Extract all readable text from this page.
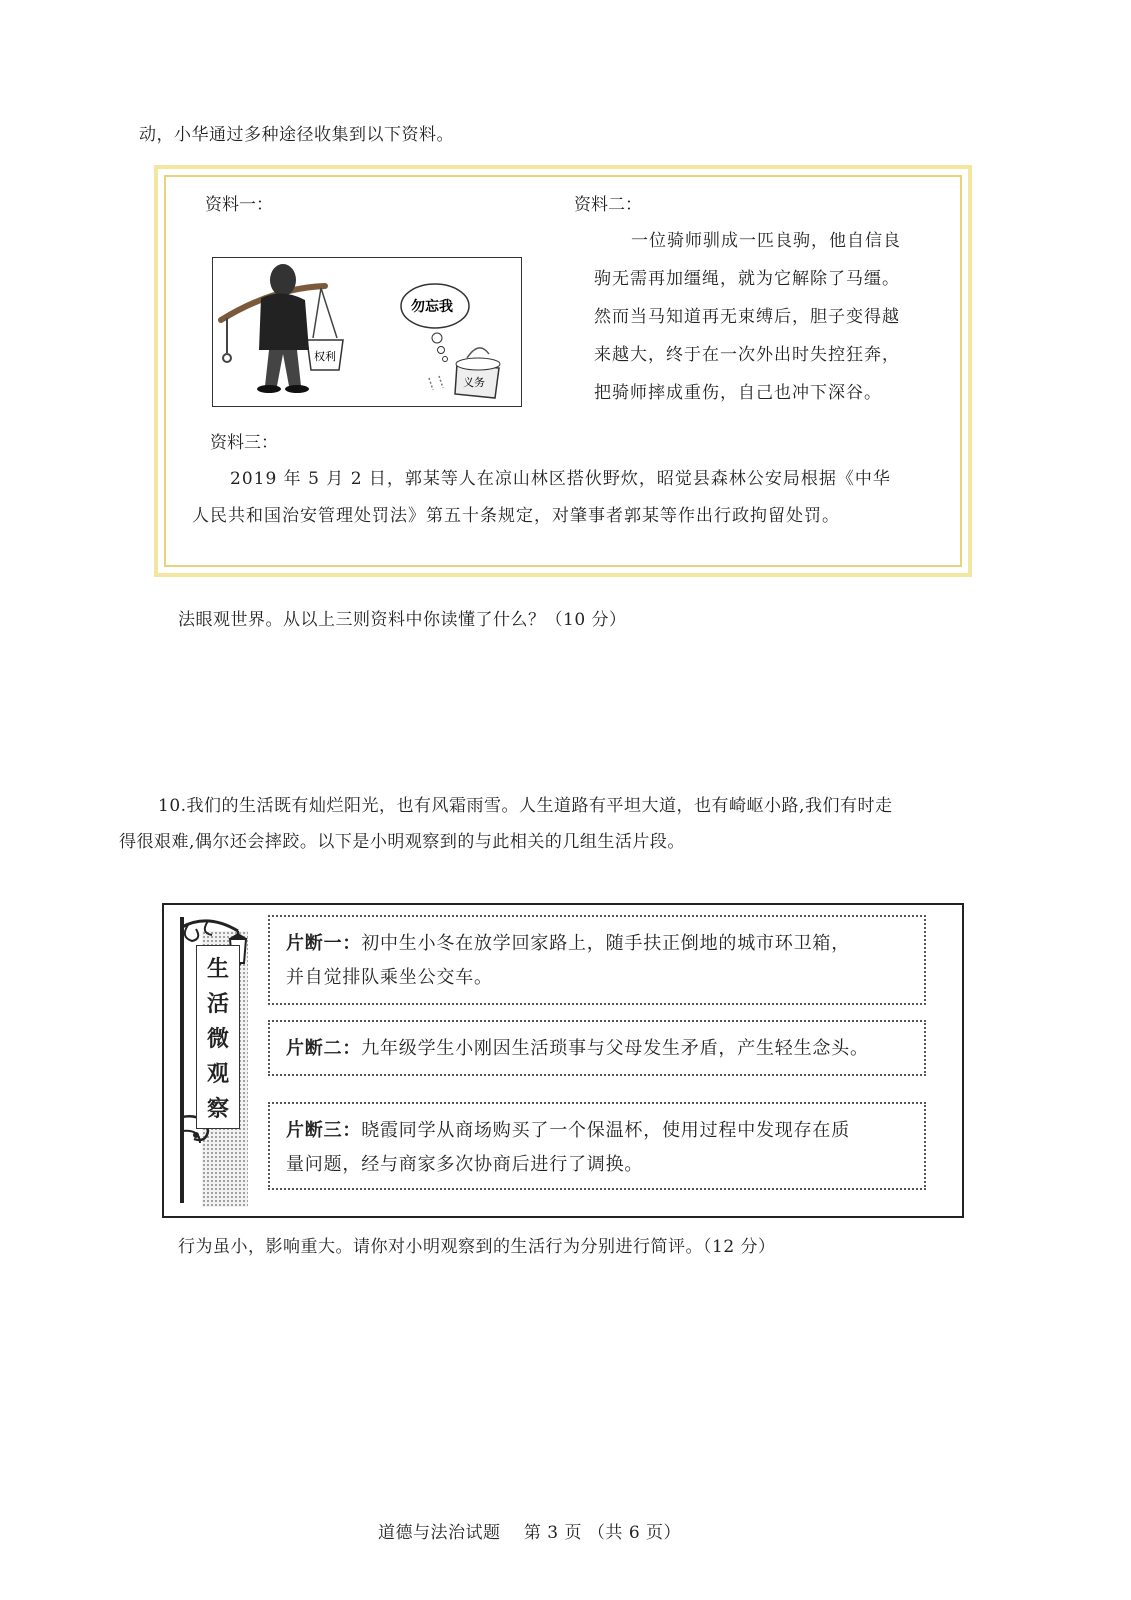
动，小华通过多种途径收集到以下资料。
资料一：
权利
勿忘我
义务
资料二：
一位骑师驯成一匹良驹，他自信良
驹无需再加缰绳，就为它解除了马缰。
然而当马知道再无束缚后，胆子变得越
来越大，终于在一次外出时失控狂奔，
把骑师摔成重伤，自己也冲下深谷。
资料三：
2019 年 5 月 2 日，郭某等人在凉山林区搭伙野炊，昭觉县森林公安局根据《中华
人民共和国治安管理处罚法》第五十条规定，对肇事者郭某等作出行政拘留处罚。
法眼观世界。从以上三则资料中你读懂了什么？（10 分）
10.我们的生活既有灿烂阳光，也有风霜雨雪。人生道路有平坦大道，也有崎岖小路,我们有时走
得很艰难,偶尔还会摔跤。以下是小明观察到的与此相关的几组生活片段。
生
活
微
观
察
片断一：初中生小冬在放学回家路上，随手扶正倒地的城市环卫箱，
并自觉排队乘坐公交车。
片断二：九年级学生小刚因生活琐事与父母发生矛盾，产生轻生念头。
片断三：晓霞同学从商场购买了一个保温杯，使用过程中发现存在质
量问题，经与商家多次协商后进行了调换。
行为虽小，影响重大。请你对小明观察到的生活行为分别进行简评。（12 分）
道德与法治试题　 第 3 页 （共 6 页）
